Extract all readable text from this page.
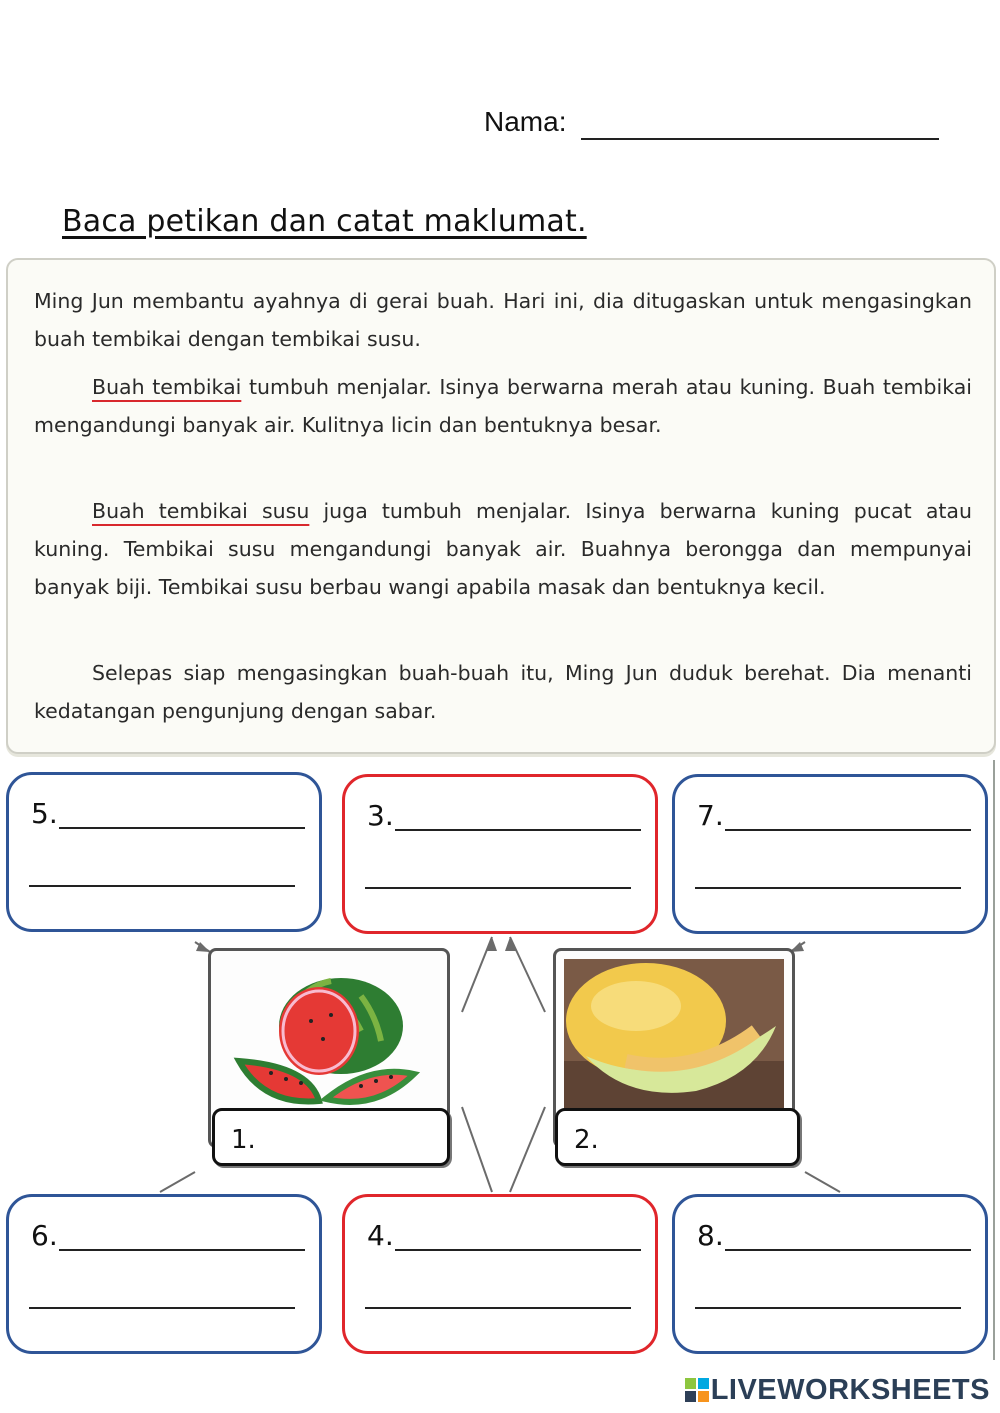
Nama:
Baca petikan dan catat maklumat.

Ming Jun membantu ayahnya di gerai buah. Hari ini, dia ditugaskan untuk mengasingkan buah tembikai dengan tembikai susu.

Buah tembikai tumbuh menjalar. Isinya berwarna merah atau kuning. Buah tembikai mengandungi banyak air. Kulitnya licin dan bentuknya besar.

Buah tembikai susu juga tumbuh menjalar. Isinya berwarna kuning pucat atau kuning. Tembikai susu mengandungi banyak air. Buahnya berongga dan mempunyai banyak biji. Tembikai susu berbau wangi apabila masak dan bentuknya kecil.

Selepas siap mengasingkan buah-buah itu, Ming Jun duduk berehat. Dia menanti kedatangan pengunjung dengan sabar.

5.	3.	7.
1.	2.
6.	4.	8.
LIVEWORKSHEETS
